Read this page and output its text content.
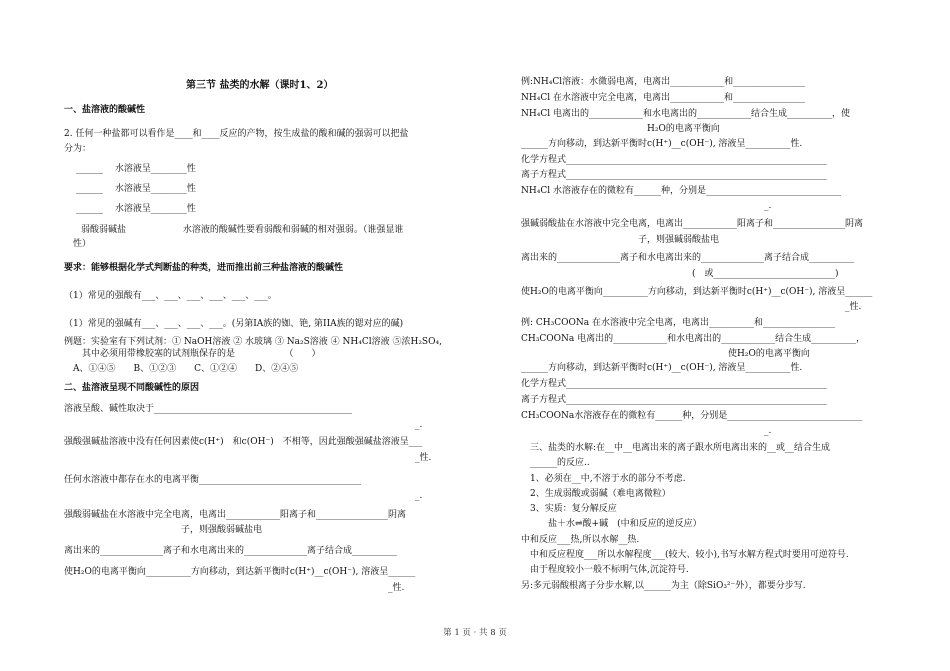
第三节 盐类的水解（课时1、2）
一、盐溶液的酸碱性
2. 任何一种盐都可以看作是____和____反应的产物，按生成盐的酸和碱的强弱可以把盐
分为：
______　 水溶液呈________性
______　 水溶液呈________性
______　 水溶液呈________性
　弱酸弱碱盐　　　　　　 水溶液的酸碱性要看弱酸和弱碱的相对强弱。（谁强显谁
　性）
要求：能够根据化学式判断盐的种类，进而推出前三种盐溶液的酸碱性
（1）常见的强酸有___、___、___、___、___、___。
（1）常见的强碱有___、___、___、___。(另第IA族的铷、铯, 第IIA族的锶对应的碱)
例题：实验室有下列试剂：① NaOH溶液 ② 水玻璃 ③ Na₂S溶液 ④ NH₄Cl溶液 ⑤浓H₂SO₄,
　　其中必须用带橡胶塞的试剂瓶保存的是　　　　　　（　　）
　A、①④⑤　　B、①②③　　C、①②④　　D、②④⑤
二、盐溶液呈现不同酸碱性的原因
溶液呈酸、碱性取决于____________________________________________
　　　　　　　　　　　　　　　　　　　　　　　　　　　　　　　　　　　　　　　_.
强酸强碱盐溶液中没有任何因素使c(H⁺)　和c(OH⁻)　不相等，因此强酸强碱盐溶液呈___
　　　　　　　　　　　　　　　　　　　　　　　　　　　　　　　　　　　　　　　_性.
任何水溶液中都存在水的电离平衡____________________________________
　　　　　　　　　　　　　　　　　　　　　　　　　　　　　　　　　　　　　　　_.
强酸弱碱盐在水溶液中完全电离，电离出____________阳离子和________________阴离
　　　　　　　　　　　　　子，则强酸弱碱盐电
离出来的______________离子和水电离出来的______________离子结合成__________
使H₂O的电离平衡向__________方向移动，到达新平衡时c(H⁺)__c(OH⁻), 溶液呈______
　　　　　　　　　　　　　　　　　　　　　　　　　　　　　　　　　　　　_性.
例:NH₄Cl溶液：水微弱电离，电离出____________和________________
NH₄Cl 在水溶液中完全电离，电离出____________和________________
NH₄Cl 电离出的____________和水电离出的____________结合生成__________，使
　　　　　　　　　　　　　　H₂O的电离平衡向
______方向移动，到达新平衡时c(H⁺)__c(OH⁻), 溶液呈__________性.
化学方程式__________________________________________________________
离子方程式__________________________________________________________
NH₄Cl 水溶液存在的微粒有______种，分别是______________________________
　　　　　　　　　　　　　　　　　　　　　　　　　　　_.
强碱弱酸盐在水溶液中完全电离，电离出____________阳离子和________________阴离
　　　　　　　　　　　　　子，则强碱弱酸盐电
离出来的______________离子和水电离出来的______________离子结合成__________
　　　　　　　　　　　　　　　　　　　(　或___________________________)
使H₂O的电离平衡向__________方向移动，到达新平衡时c(H⁺)__c(OH⁻), 溶液呈______
　　　　　　　　　　　　　　　　　　　　　　　　　　　　　　　　　　　　_性.
例: CH₃COONa 在水溶液中完全电离，电离出__________和________________
CH₃COONa 电离出的____________和水电离出的____________结合生成__________，
　　　　　　　　　　　　　　　　　　　　　　　使H₂O的电离平衡向
______方向移动，到达新平衡时c(H⁺)__c(OH⁻), 溶液呈__________性.
化学方程式__________________________________________________________
离子方程式__________________________________________________________
CH₃COONa水溶液存在的微粒有______种，分别是______________________________
　　　　　　　　　　　　　　　　　　　　　　　　　　　_.
　三、盐类的水解:在__中__电离出来的离子跟水所电离出来的__或__结合生成
　______的反应..
　1、必须在__中,不溶于水的部分不考虑.
　2、生成弱酸或弱碱（难电离微粒）
　3、实质：复分解反应
　　　盐＋水⇌酸+碱　(中和反应的逆反应）
中和反应___热,所以水解__热.
　中和反应程度___所以水解程度___(较大、较小),书写水解方程式时要用可逆符号.
　由于程度较小一般不标明气体,沉淀符号.
另:多元弱酸根离子分步水解,以______为主（除SiO₃²⁻外），都要分步写.
第 1 页 · 共 8 页
